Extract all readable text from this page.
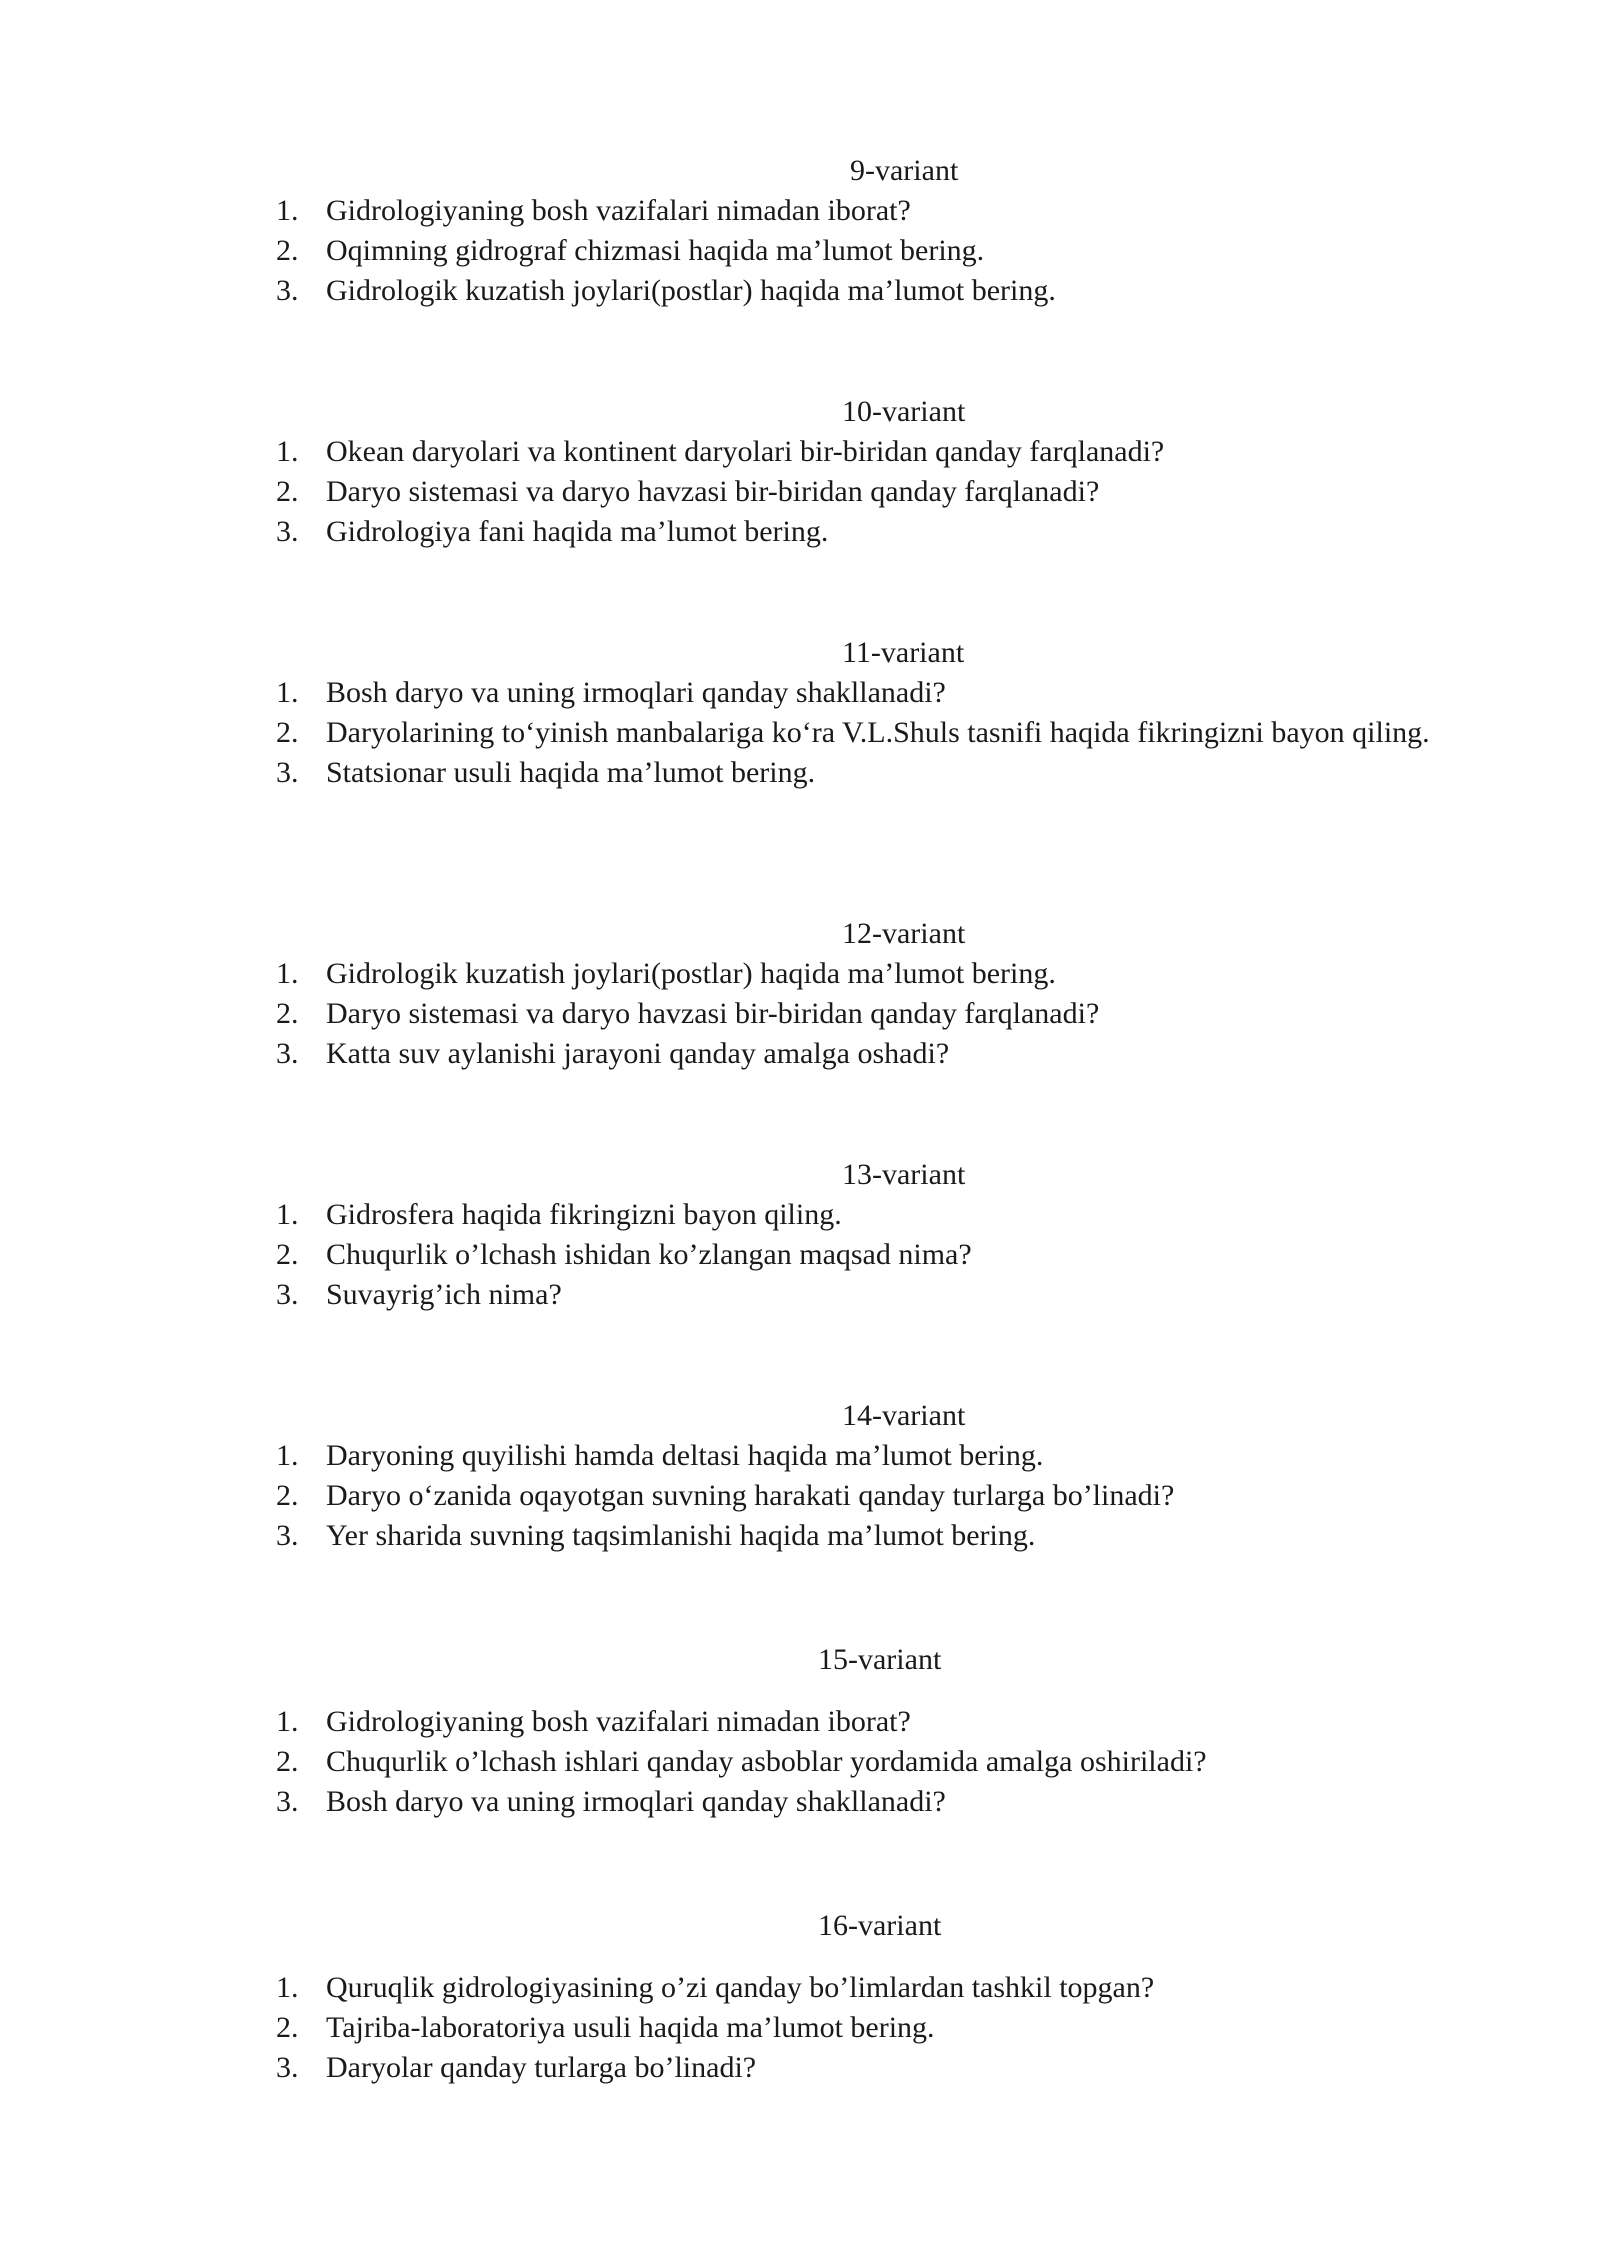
9-variant
1. Gidrologiyaning bosh vazifalari nimadan iborat?
2. Oqimning gidrograf chizmasi haqida ma’lumot bering.
3. Gidrologik kuzatish joylari(postlar) haqida ma’lumot bering.
10-variant
1. Okean daryolari va kontinent daryolari bir-biridan qanday farqlanadi?
2. Daryo sistemasi va daryo havzasi bir-biridan qanday farqlanadi?
3. Gidrologiya fani haqida ma’lumot bering.
11-variant
1. Bosh daryo va uning irmoqlari qanday shakllanadi?
2. Daryolarining to‘yinish manbalariga ko‘ra V.L.Shuls tasnifi haqida fikringizni bayon qiling.
3. Statsionar usuli haqida ma’lumot bering.
12-variant
1. Gidrologik kuzatish joylari(postlar) haqida ma’lumot bering.
2. Daryo sistemasi va daryo havzasi bir-biridan qanday farqlanadi?
3. Katta suv aylanishi jarayoni qanday amalga oshadi?
13-variant
1. Gidrosfera haqida fikringizni bayon qiling.
2. Chuqurlik o’lchash ishidan ko’zlangan maqsad nima?
3. Suvayrig’ich nima?
14-variant
1. Daryoning quyilishi hamda deltasi haqida ma’lumot bering.
2. Daryo o‘zanida oqayotgan suvning harakati qanday turlarga bo’linadi?
3. Yer sharida suvning taqsimlanishi haqida ma’lumot bering.
15-variant
1. Gidrologiyaning bosh vazifalari nimadan iborat?
2. Chuqurlik o’lchash ishlari qanday asboblar yordamida amalga oshiriladi?
3. Bosh daryo va uning irmoqlari qanday shakllanadi?
16-variant
1. Quruqlik gidrologiyasining o’zi qanday bo’limlardan tashkil topgan?
2. Tajriba-laboratoriya usuli haqida ma’lumot bering.
3. Daryolar qanday turlarga bo’linadi?
